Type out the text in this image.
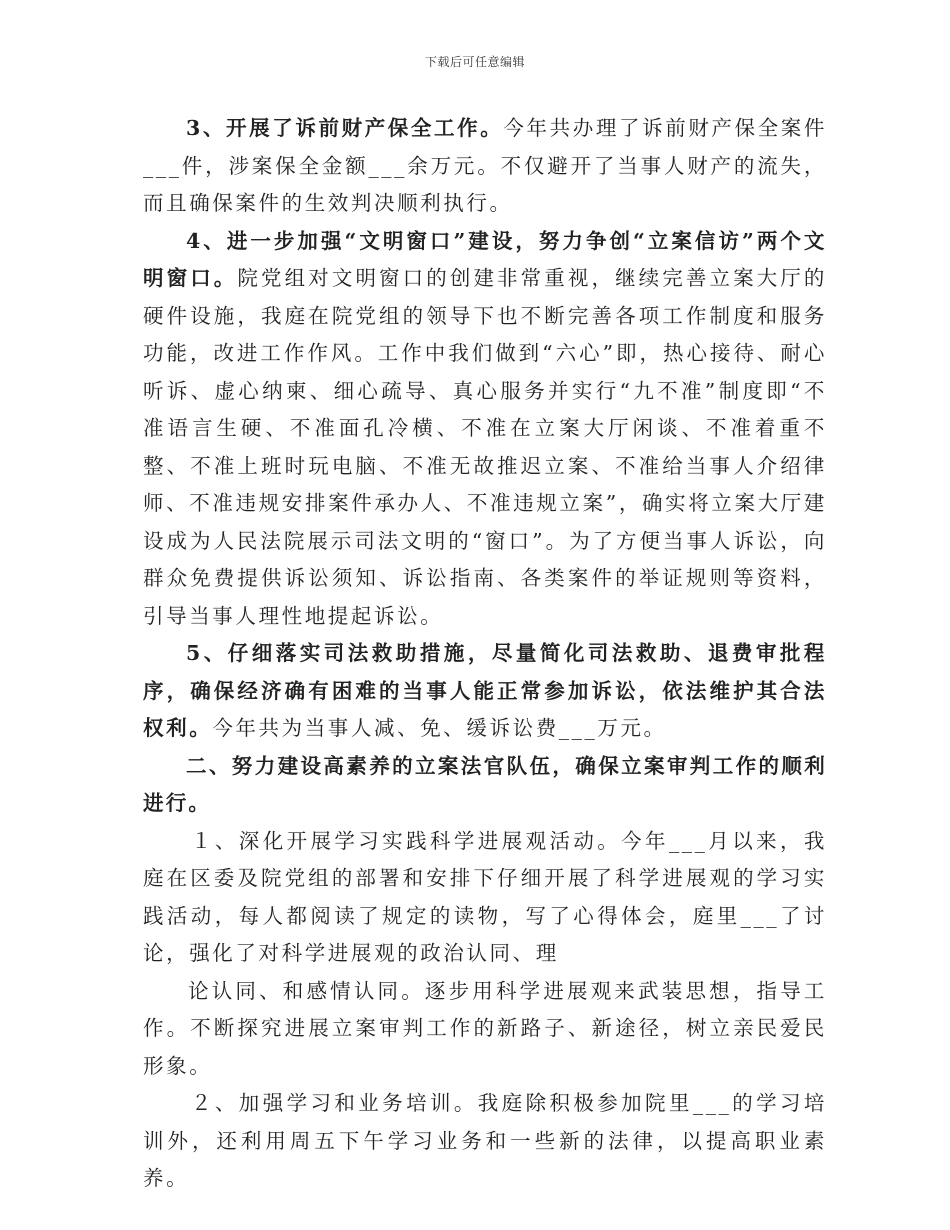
下载后可任意编辑

3、开展了诉前财产保全工作。今年共办理了诉前财产保全案件___件，涉案保全金额___余万元。不仅避开了当事人财产的流失，而且确保案件的生效判决顺利执行。

4、进一步加强“文明窗口”建设，努力争创“立案信访”两个文明窗口。院党组对文明窗口的创建非常重视，继续完善立案大厅的硬件设施，我庭在院党组的领导下也不断完善各项工作制度和服务功能，改进工作作风。工作中我们做到“六心”即，热心接待、耐心听诉、虚心纳柬、细心疏导、真心服务并实行“九不准”制度即“不准语言生硬、不准面孔冷横、不准在立案大厅闲谈、不准着重不整、不准上班时玩电脑、不准无故推迟立案、不准给当事人介绍律师、不准违规安排案件承办人、不准违规立案”，确实将立案大厅建设成为人民法院展示司法文明的“窗口”。为了方便当事人诉讼，向群众免费提供诉讼须知、诉讼指南、各类案件的举证规则等资料，引导当事人理性地提起诉讼。

5、仔细落实司法救助措施，尽量简化司法救助、退费审批程序，确保经济确有困难的当事人能正常参加诉讼，依法维护其合法权利。今年共为当事人减、免、缓诉讼费___万元。

二、努力建设高素养的立案法官队伍，确保立案审判工作的顺利进行。

１、深化开展学习实践科学进展观活动。今年___月以来，我庭在区委及院党组的部署和安排下仔细开展了科学进展观的学习实践活动，每人都阅读了规定的读物，写了心得体会，庭里___了讨论，强化了对科学进展观的政治认同、理

论认同、和感情认同。逐步用科学进展观来武装思想，指导工作。不断探究进展立案审判工作的新路子、新途径，树立亲民爱民形象。

２、加强学习和业务培训。我庭除积极参加院里___的学习培训外，还利用周五下午学习业务和一些新的法律，以提高职业素养。
